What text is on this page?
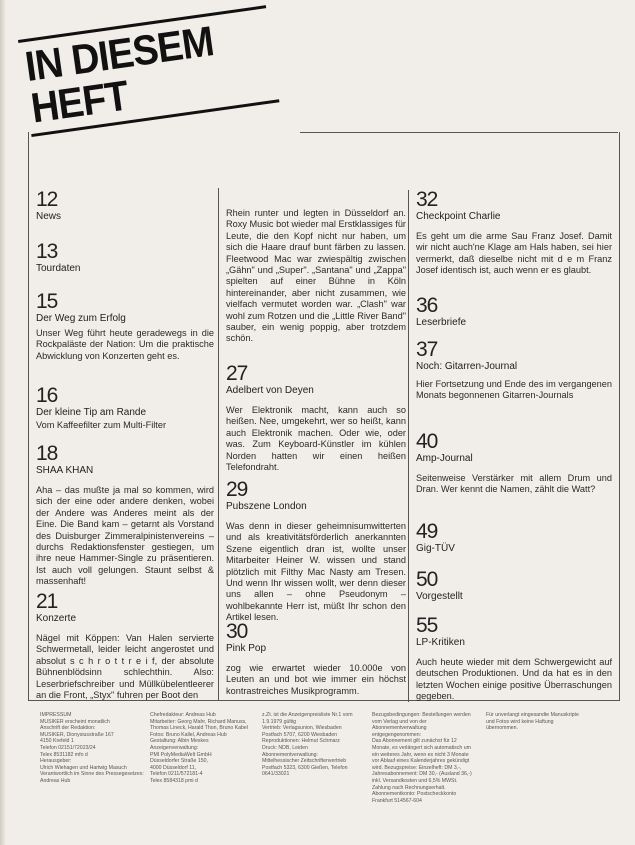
IN DIESEM HEFT
12
News
13
Tourdaten
15
Der Weg zum Erfolg
Unser Weg führt heute geradewegs in die Rockpaläste der Nation: Um die praktische Abwicklung von Konzerten geht es.
16
Der kleine Tip am Rande
Vom Kaffeefilter zum Multi-Filter
18
SHAA KHAN
Aha – das mußte ja mal so kommen, wird sich der eine oder andere denken, wobei der Andere was Anderes meint als der Eine. Die Band kam – getarnt als Vorstand des Duisburger Zimmeralpinistenvereins – durchs Redaktionsfenster gestiegen, um ihre neue Hammer-Single zu präsentieren. Ist auch voll gelungen. Staunt selbst & massenhaft!
21
Konzerte
Nägel mit Köppen: Van Halen servierte Schwermetall, leider leicht angerostet und absolut s c h r o t t r e i f, der absolute Bühnenblödsinn schlechthin. Also: Leserbriefschreiber und Müllkübelentleerer an die Front, „Styx" fuhren per Boot den
Rhein runter und legten in Düsseldorf an. Roxy Music bot wieder mal Erstklassiges für Leute, die den Kopf nicht nur haben, um sich die Haare drauf bunt färben zu lassen. Fleetwood Mac war zwiespältig zwischen „Gähn" und „Super". „Santana" und „Zappa" spielten auf einer Bühne in Köln hintereinander, aber nicht zusammen, wie vielfach vermutet worden war. „Clash" war wohl zum Rotzen und die „Little River Band" sauber, ein wenig poppig, aber trotzdem schön.
27
Adelbert von Deyen
Wer Elektronik macht, kann auch so heißen. Nee, umgekehrt, wer so heißt, kann auch Elektronik machen. Oder wie, oder was. Zum Keyboard-Künstler im kühlen Norden hatten wir einen heißen Telefondraht.
29
Pubszene London
Was denn in dieser geheimnisumwitterten und als kreativitätsförderlich anerkannten Szene eigentlich dran ist, wollte unser Mitarbeiter Heiner W. wissen und stand plötzlich mit Filthy Mac Nasty am Tresen. Und wenn Ihr wissen wollt, wer denn dieser uns allen – ohne Pseudonym – wohlbekannte Herr ist, müßt Ihr schon den Artikel lesen.
30
Pink Pop
zog wie erwartet wieder 10.000e von Leuten an und bot wie immer ein höchst kontrastreiches Musikprogramm.
32
Checkpoint Charlie
Es geht um die arme Sau Franz Josef. Damit wir nicht auch'ne Klage am Hals haben, sei hier vermerkt, daß dieselbe nicht mit d e m Franz Josef identisch ist, auch wenn er es glaubt.
36
Leserbriefe
37
Noch: Gitarren-Journal
Hier Fortsetzung und Ende des im vergangenen Monats begonnenen Gitarren-Journals
40
Amp-Journal
Seitenweise Verstärker mit allem Drum und Dran. Wer kennt die Namen, zählt die Watt?
49
Gig-TÜV
50
Vorgestellt
55
LP-Kritiken
Auch heute wieder mit dem Schwergewicht auf deutschen Produktionen. Und da hat es in den letzten Wochen einige positive Überraschungen gegeben.
IMPRESSUM
MUSIKER erscheint monatlich
Anschrift der Redaktion:
MUSIKER, Dionysiusstraße 167
4150 Krefeld 1
Telefon 02151/72023/24
Telex 8531182 mfo d
Herausgeber:
Ulrich Wiehagen und Hartwig Masuch
Verantwortlich im Sinne des Pressegesetzes: Andreas Hub
Chefredakteur: Andreas Hub
Mitarbeiter: Georg Mahr, Richard Manuss, Thomas Lineck, Harald Thon, Bruno Kabel
Fotos: Bruno Kallel, Andreas Hub
Gestaltung: Albin Meskes
Anzeigenverwaltung:
PMI PolyMediaWelt GmbH
Düsseldorfer Straße 150,
4000 Düsseldorf 11,
Telefon 0211/572181-4
Telex 8584318 pmi d
z.Zt. ist die Anzeigenpreisliste Nr.1 vom 1.9.1979 gültig
Vertrieb: Verlagsunion, Wiesbaden
Postfach 5707, 6200 Wiesbaden
Reproduktionen: Helmut Schmarz
Druck: NDB, Leiden
Abonnementverwaltung:
Mittelhessischer Zeitschriftenvertrieb
Postfach 5323, 6300 Gießen, Telefon 0641/33021
Bezugsbedingungen: Bestellungen werden vom Verlag und von der Abonnementverwaltung entgegengenommen:
Das Abonnement gilt zunächst für 12 Monate, es verlängert sich automatisch um ein weiteres Jahr, wenn es nicht 3 Monate vor Ablauf eines Kalenderjahres gekündigt wird. Bezugspreise: Einzelheft: DM 3,-, Jahresabonnement: DM 30,- (Ausland 36,-) inkl. Versandkosten und 6,5% MWSt. Zahlung nach Rechnungserhalt. Abonnementkonto: Postscheckkonto Frankfurt 514567-604
Für unverlangt eingesandte Manuskripte und Fotos wird keine Haftung übernommen.
